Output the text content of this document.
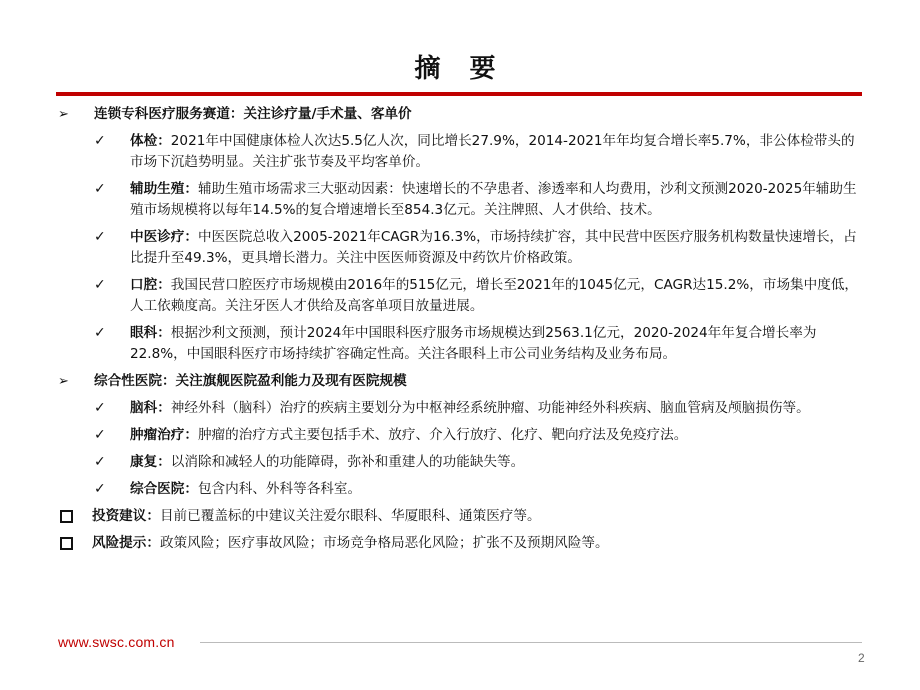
摘 要
➢	连锁专科医疗服务赛道：关注诊疗量/手术量、客单价
✓	体检：2021年中国健康体检人次达5.5亿人次，同比增长27.9%，2014-2021年年均复合增长率5.7%，非公体检带头的市场下沉趋势明显。关注扩张节奏及平均客单价。
✓	辅助生殖：辅助生殖市场需求三大驱动因素：快速增长的不孕患者、渗透率和人均费用，沙利文预测2020-2025年辅助生殖市场规模将以每年14.5%的复合增速增长至854.3亿元。关注牌照、人才供给、技术。
✓	中医诊疗：中医医院总收入2005-2021年CAGR为16.3%，市场持续扩容，其中民营中医医疗服务机构数量快速增长，占比提升至49.3%，更具增长潜力。关注中医医师资源及中药饮片价格政策。
✓	口腔：我国民营口腔医疗市场规模由2016年的515亿元，增长至2021年的1045亿元，CAGR达15.2%，市场集中度低，人工依赖度高。关注牙医人才供给及高客单项目放量进展。
✓	眼科：根据沙利文预测，预计2024年中国眼科医疗服务市场规模达到2563.1亿元，2020-2024年年复合增长率为22.8%，中国眼科医疗市场持续扩容确定性高。关注各眼科上市公司业务结构及业务布局。
➢	综合性医院：关注旗舰医院盈利能力及现有医院规模
✓	脑科：神经外科（脑科）治疗的疾病主要划分为中枢神经系统肿瘤、功能神经外科疾病、脑血管病及颅脑损伤等。
✓	肿瘤治疗：肿瘤的治疗方式主要包括手术、放疗、介入行放疗、化疗、靶向疗法及免疫疗法。
✓	康复：以消除和减轻人的功能障碍，弥补和重建人的功能缺失等。
✓	综合医院：包含内科、外科等各科室。
投资建议：目前已覆盖标的中建议关注爱尔眼科、华厦眼科、通策医疗等。
风险提示：政策风险；医疗事故风险；市场竞争格局恶化风险；扩张不及预期风险等。
www.swsc.com.cn
2
